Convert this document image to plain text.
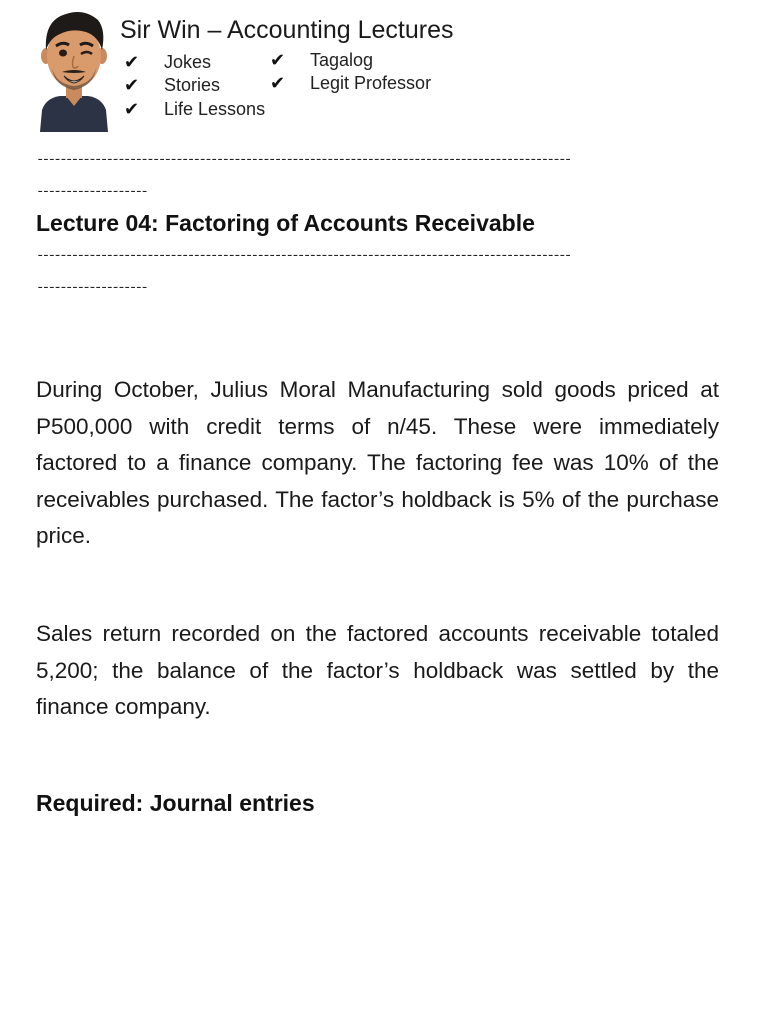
Sir Win – Accounting Lectures
✔	Jokes
✔	Stories
✔	Life Lessons
✔	Tagalog
✔	Legit Professor
--------------------------------------------------------------------------------------------
-------------------
Lecture 04: Factoring of Accounts Receivable
--------------------------------------------------------------------------------------------
-------------------

During October, Julius Moral Manufacturing sold goods priced at P500,000 with credit terms of n/45. These were immediately factored to a finance company. The factoring fee was 10% of the receivables purchased. The factor’s holdback is 5% of the purchase price.

Sales return recorded on the factored accounts receivable totaled 5,200; the balance of the factor’s holdback was settled by the finance company.

Required: Journal entries
